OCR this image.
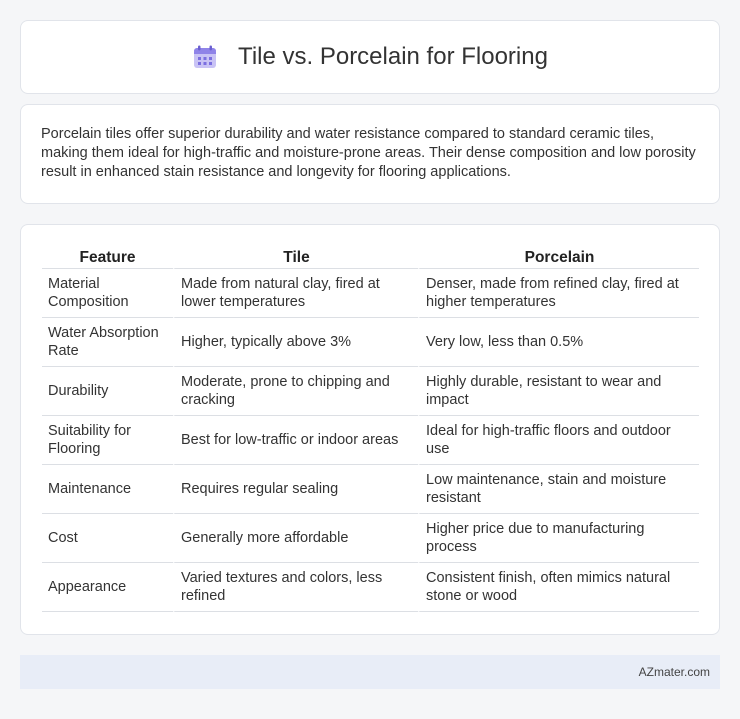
Tile vs. Porcelain for Flooring

Porcelain tiles offer superior durability and water resistance compared to standard ceramic tiles, making them ideal for high-traffic and moisture-prone areas. Their dense composition and low porosity result in enhanced stain resistance and longevity for flooring applications.

Feature	Tile	Porcelain
Material Composition	Made from natural clay, fired at lower temperatures	Denser, made from refined clay, fired at higher temperatures
Water Absorption Rate	Higher, typically above 3%	Very low, less than 0.5%
Durability	Moderate, prone to chipping and cracking	Highly durable, resistant to wear and impact
Suitability for Flooring	Best for low-traffic or indoor areas	Ideal for high-traffic floors and outdoor use
Maintenance	Requires regular sealing	Low maintenance, stain and moisture resistant
Cost	Generally more affordable	Higher price due to manufacturing process
Appearance	Varied textures and colors, less refined	Consistent finish, often mimics natural stone or wood
AZmater.com
